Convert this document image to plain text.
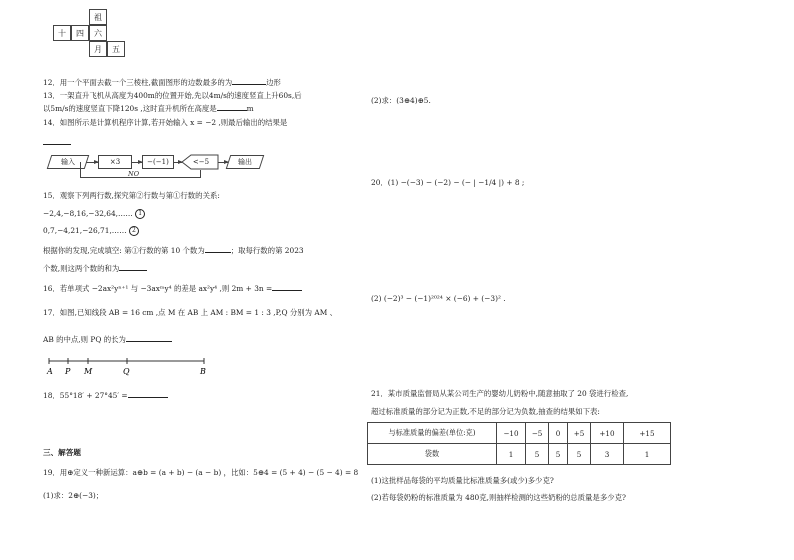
祖
十	四	六
月	五
12．用一个平面去截一个三棱柱,截面图形的边数最多的为	边形
13．一架直升飞机从高度为400m的位置开始,先以4m/s的速度竖直上升60s,后
以5m/s的速度竖直下降120s ,这时直升机所在高度是	m
14．如图所示是计算机程序计算,若开始输入 x = −2 ,则最后输出的结果是
输入	×3	−(−1)	<−5	输出
NO
15．观察下列两行数,探究第②行数与第①行数的关系:
−2,4,−8,16,−32,64,…… 1
0,7,−4,21,−26,71,…… 2
根据你的发现,完成填空: 第①行数的第 10 个数为	；取每行数的第 2023
个数,则这两个数的和为
16．若单项式 −2ax²yⁿ⁺¹ 与 −3axᵐy⁴ 的差是 ax²y⁴ ,则 2m + 3n =
17．如图,已知线段 AB = 16 cm ,点 M 在 AB 上 AM : BM = 1 : 3 ,P,Q 分别为 AM 、
AB 的中点,则 PQ 的长为
A P M	Q	B
18．55°18′ + 27°45′ =
三、解答题
19．用⊕定义一种新运算：a⊕b = (a + b) − (a − b) ，比如：5⊕4 = (5 + 4) − (5 − 4) = 8
(1)求：2⊕(−3)；
(2)求：(3⊕4)⊕5.
20．(1) −(−3) − (−2) − (− | −1/4 |) + 8 ;
(2) (−2)³ − (−1)²⁰²⁴ × (−6) + (−3)² .
21．某市质量监督局从某公司生产的婴幼儿奶粉中,随意抽取了 20 袋进行检查,
超过标准质量的部分记为正数,不足的部分记为负数,抽查的结果如下表:
与标准质量的偏差(单位:克)	−10	−5	0	+5	+10	+15
袋数	1	5	5	5	3	1
(1)这批样品每袋的平均质量比标准质量多(或少)多少克?
(2)若每袋奶粉的标准质量为 480克,则抽样检测的这些奶粉的总质量是多少克?
